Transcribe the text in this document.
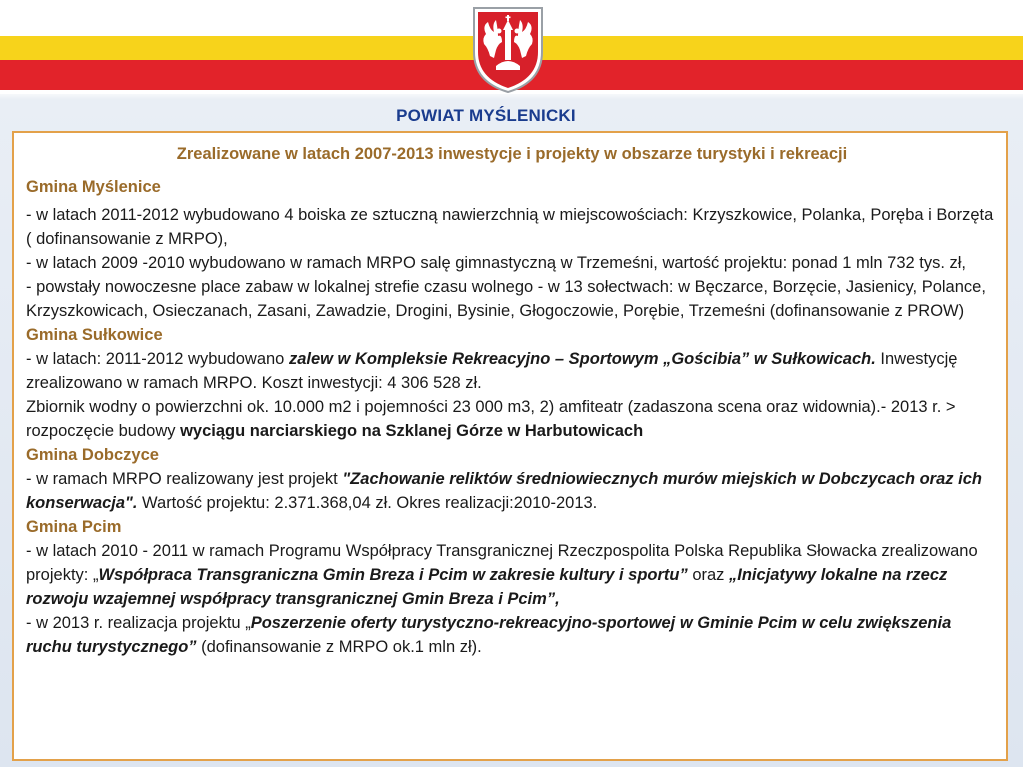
POWIAT MYŚLENICKI

Zrealizowane w latach 2007-2013 inwestycje i projekty w obszarze turystyki i rekreacji

Gmina Myślenice

- w latach 2011-2012 wybudowano 4 boiska ze sztuczną nawierzchnią w miejscowościach: Krzyszkowice, Polanka, Poręba i Borzęta ( dofinansowanie z MRPO),

- w latach 2009 -2010 wybudowano w ramach MRPO salę gimnastyczną w Trzemeśni, wartość projektu: ponad 1 mln 732 tys. zł,

- powstały nowoczesne place zabaw w lokalnej strefie czasu wolnego - w 13 sołectwach: w Bęczarce, Borzęcie, Jasienicy, Polance, Krzyszkowicach, Osieczanach, Zasani, Zawadzie, Drogini, Bysinie, Głogoczowie, Porębie, Trzemeśni (dofinansowanie z PROW)

Gmina Sułkowice

- w latach: 2011-2012 wybudowano zalew w Kompleksie Rekreacyjno – Sportowym „Gościbia” w Sułkowicach. Inwestycję zrealizowano w ramach MRPO. Koszt inwestycji: 4 306 528 zł.

Zbiornik wodny o powierzchni ok. 10.000 m2 i pojemności 23 000 m3, 2) amfiteatr (zadaszona scena oraz widownia).- 2013 r. > rozpoczęcie budowy wyciągu narciarskiego na Szklanej Górze w Harbutowicach

Gmina Dobczyce

- w ramach MRPO realizowany jest projekt "Zachowanie reliktów średniowiecznych murów miejskich w Dobczycach oraz ich konserwacja". Wartość projektu: 2.371.368,04 zł. Okres realizacji:2010-2013.

Gmina Pcim

- w latach 2010 - 2011 w ramach Programu Współpracy Transgranicznej Rzeczpospolita Polska Republika Słowacka zrealizowano projekty: „Współpraca Transgraniczna Gmin Breza i Pcim w zakresie kultury i sportu” oraz „Inicjatywy lokalne na rzecz rozwoju wzajemnej współpracy transgranicznej Gmin Breza i Pcim”,

- w 2013 r. realizacja projektu „Poszerzenie oferty turystyczno-rekreacyjno-sportowej w Gminie Pcim w celu zwiększenia ruchu turystycznego” (dofinansowanie z MRPO ok.1 mln zł).
